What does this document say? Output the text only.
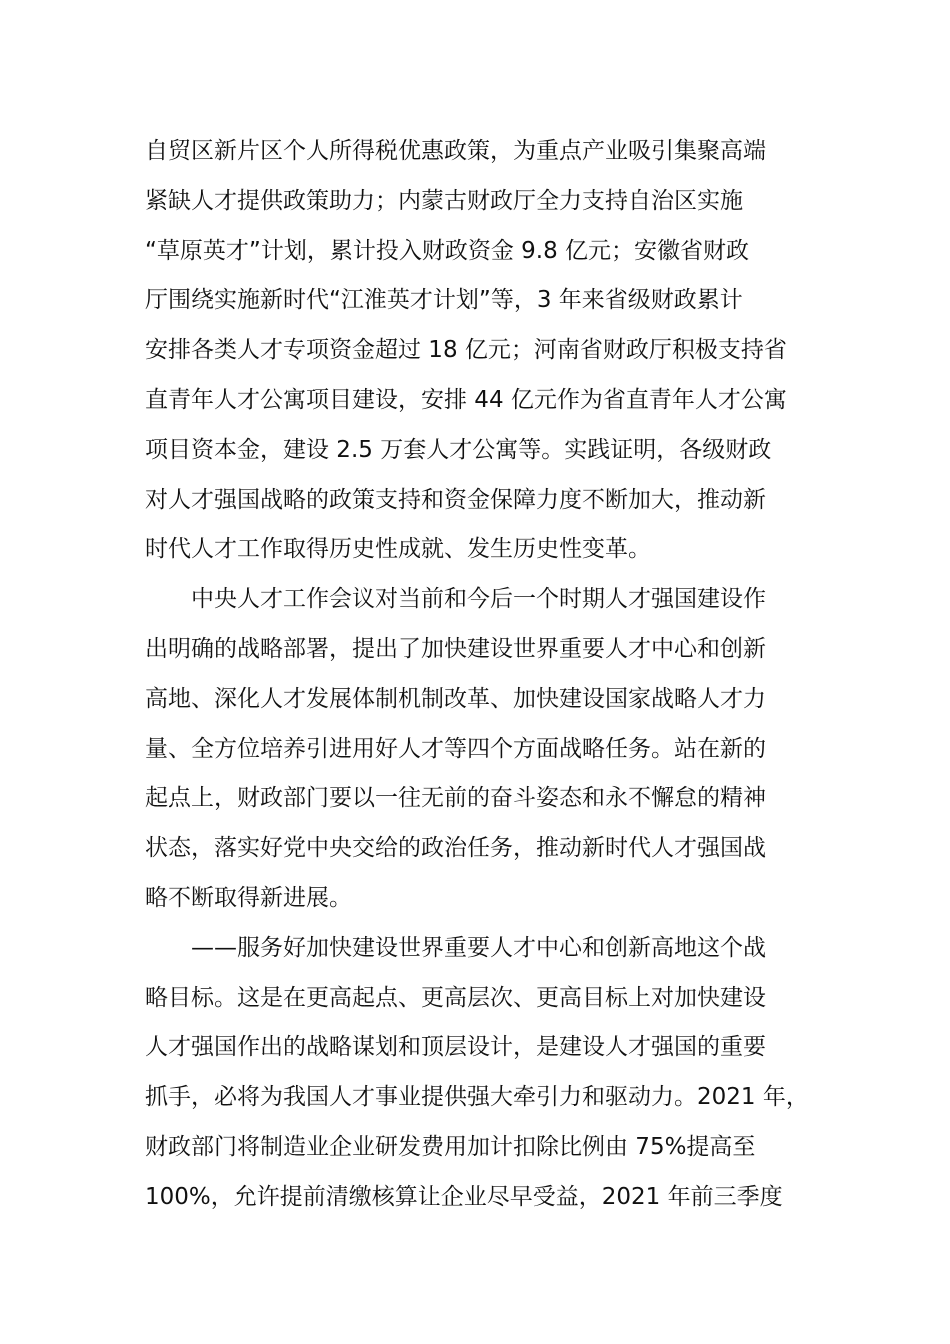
自贸区新片区个人所得税优惠政策，为重点产业吸引集聚高端
紧缺人才提供政策助力；内蒙古财政厅全力支持自治区实施
“草原英才”计划，累计投入财政资金 9.8 亿元；安徽省财政
厅围绕实施新时代“江淮英才计划”等，3 年来省级财政累计
安排各类人才专项资金超过 18 亿元；河南省财政厅积极支持省
直青年人才公寓项目建设，安排 44 亿元作为省直青年人才公寓
项目资本金，建设 2.5 万套人才公寓等。实践证明，各级财政
对人才强国战略的政策支持和资金保障力度不断加大，推动新
时代人才工作取得历史性成就、发生历史性变革。
中央人才工作会议对当前和今后一个时期人才强国建设作
出明确的战略部署，提出了加快建设世界重要人才中心和创新
高地、深化人才发展体制机制改革、加快建设国家战略人才力
量、全方位培养引进用好人才等四个方面战略任务。站在新的
起点上，财政部门要以一往无前的奋斗姿态和永不懈怠的精神
状态，落实好党中央交给的政治任务，推动新时代人才强国战
略不断取得新进展。
——服务好加快建设世界重要人才中心和创新高地这个战
略目标。这是在更高起点、更高层次、更高目标上对加快建设
人才强国作出的战略谋划和顶层设计，是建设人才强国的重要
抓手，必将为我国人才事业提供强大牵引力和驱动力。2021 年，
财政部门将制造业企业研发费用加计扣除比例由 75%提高至
100%，允许提前清缴核算让企业尽早受益，2021 年前三季度
